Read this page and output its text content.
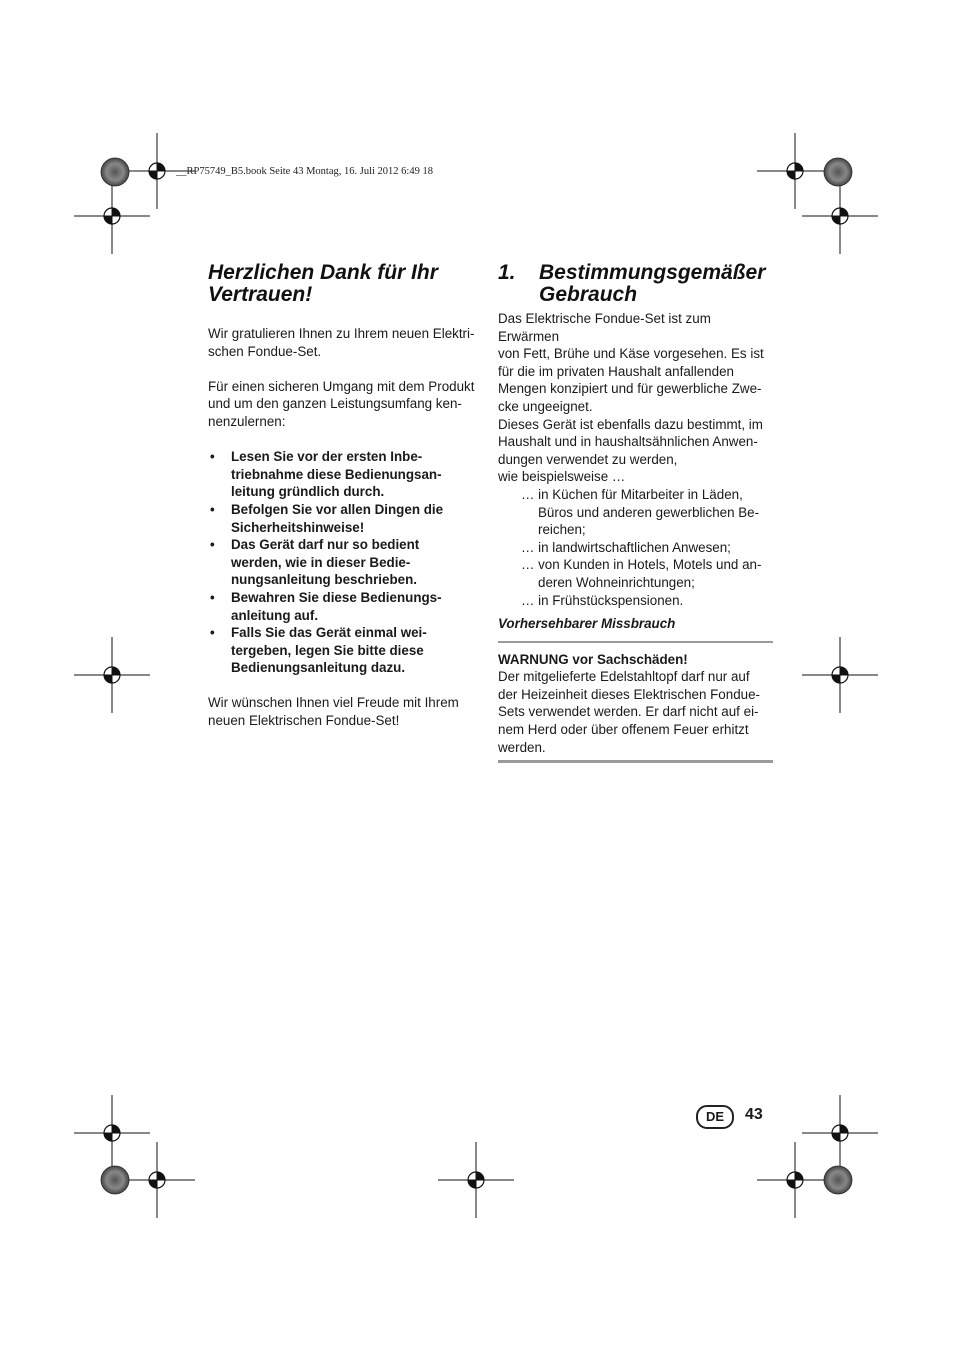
__RP75749_B5.book Seite 43 Montag, 16. Juli 2012 6:49 18
Herzlichen Dank für Ihr
Vertrauen!

Wir gratulieren Ihnen zu Ihrem neuen Elektri-
schen Fondue-Set.

Für einen sicheren Umgang mit dem Produkt
und um den ganzen Leistungsumfang ken-
nenzulernen:

• Lesen Sie vor der ersten Inbe-
triebnahme diese Bedienungsan-
leitung gründlich durch.
• Befolgen Sie vor allen Dingen die
Sicherheitshinweise!
• Das Gerät darf nur so bedient
werden, wie in dieser Bedie-
nungsanleitung beschrieben.
• Bewahren Sie diese Bedienungs-
anleitung auf.
• Falls Sie das Gerät einmal wei-
tergeben, legen Sie bitte diese
Bedienungsanleitung dazu.

Wir wünschen Ihnen viel Freude mit Ihrem
neuen Elektrischen Fondue-Set!

1. Bestimmungsgemäßer
Gebrauch

Das Elektrische Fondue-Set ist zum Erwärmen
von Fett, Brühe und Käse vorgesehen. Es ist
für die im privaten Haushalt anfallenden
Mengen konzipiert und für gewerbliche Zwe-
cke ungeeignet.

Dieses Gerät ist ebenfalls dazu bestimmt, im
Haushalt und in haushaltsähnlichen Anwen-
dungen verwendet zu werden,
wie beispielsweise …

… in Küchen für Mitarbeiter in Läden,
Büros und anderen gewerblichen Be-
reichen;

… in landwirtschaftlichen Anwesen;

… von Kunden in Hotels, Motels und an-
deren Wohneinrichtungen;

… in Frühstückspensionen.

Vorhersehbarer Missbrauch

WARNUNG vor Sachschäden!
Der mitgelieferte Edelstahltopf darf nur auf
der Heizeinheit dieses Elektrischen Fondue-
Sets verwendet werden. Er darf nicht auf ei-
nem Herd oder über offenem Feuer erhitzt
werden.
DE	43
